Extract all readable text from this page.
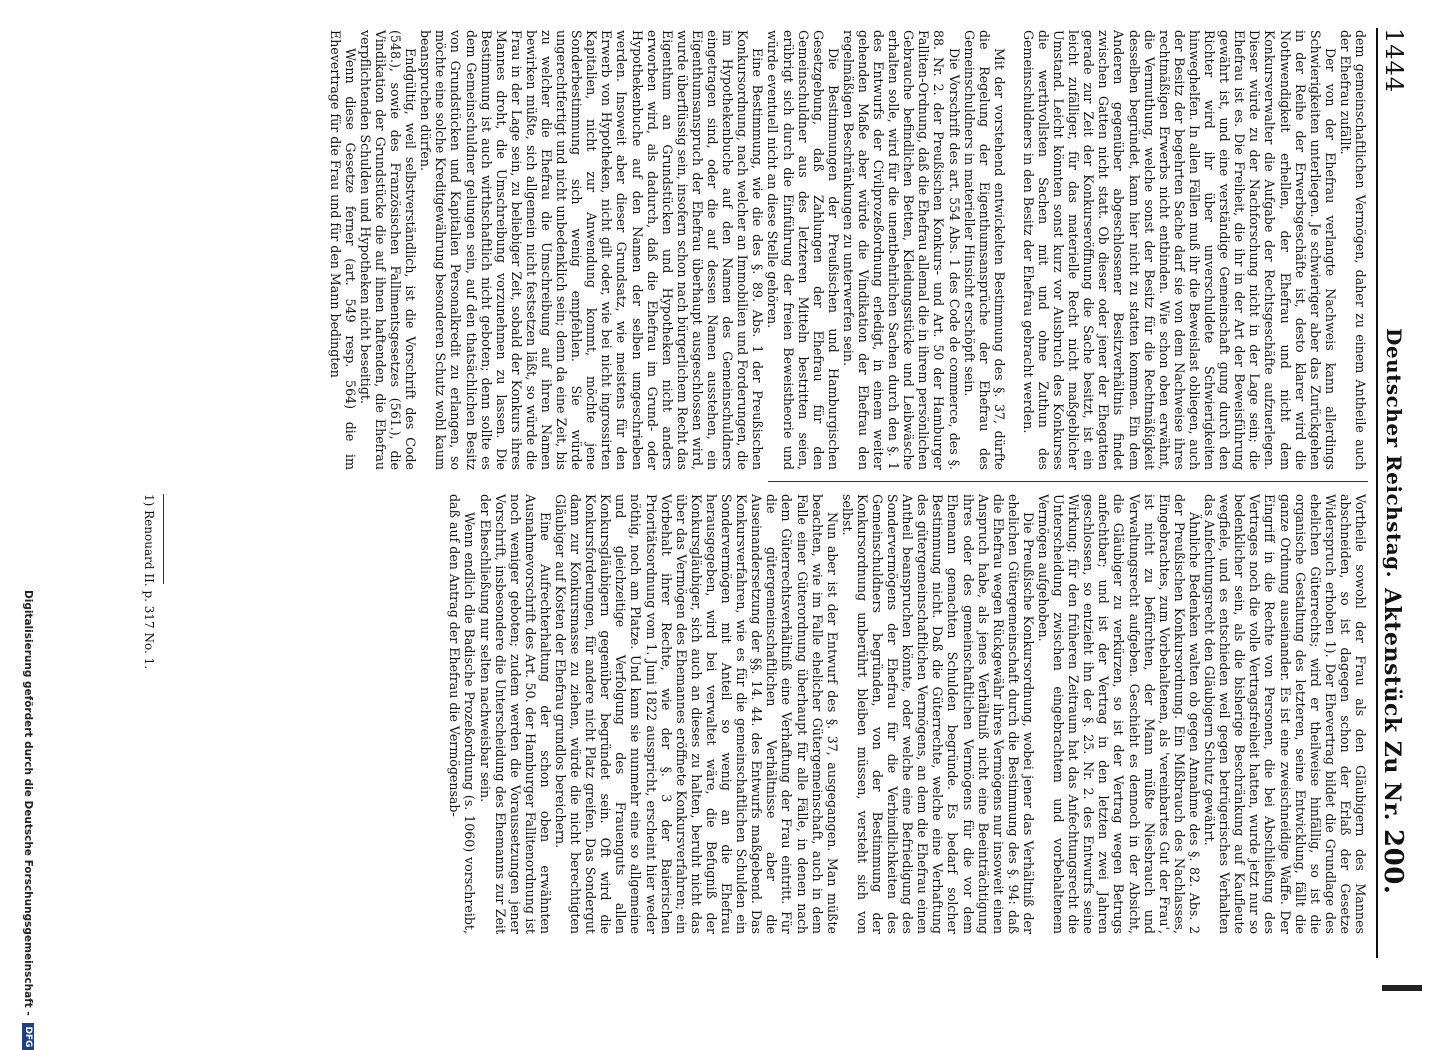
1444
Deutscher Reichstag.
Aktenstück Zu Nr. 200.

dem gemeinschaftlichen Vermögen, daher zu einem Antheile auch der Ehefrau zufällt.

Der von der Ehefrau verlangte Nachweis kann allerdings Schwierigkeiten unterliegen. Je schwieriger aber das Zurückgehen in der Reihe der Erwerbsgeschäfte ist, desto klarer wird die Nothwendigkeit erhellen, der Ehefrau und nicht dem Konkursverwalter die Aufgabe der Rechtsgeschäfte aufzuerlegen. Dieser würde zu der Nachforschung nicht in der Lage sein; die Ehefrau ist es. Die Freiheit, die ihr in der Art der Beweisführung gewährt ist, und eine verständige Gemeinschaft gung durch den Richter wird ihr über unverschuldete Schwierigkeiten hinweghelfen. In allen Fällen muß ihr die Beweislast obliegen, auch der Besitz der begehrten Sache darf sie von dem Nachweise ihres rechtmäßigen Erwerbs nicht entbinden. Wie schon oben erwähnt, die Vermuthung, welche sonst der Besitz für die Rechtmäßigkeit desselben begründet, kann hier nicht zu statten kommen. Ein dem Anderen gegenüber abgeschlossener Besitzverhältnis findet zwischen Gatten nicht statt. Ob dieser oder jener der Ehegatten gerade zur Zeit der Konkurseröffnung die Sache besitzt, ist ein leicht zufälliger, für das materielle Recht nicht maßgeblicher Umstand. Leicht könnten sonst kurz vor Ausbruch des Konkurses die werthvollsten Sachen mit und ohne Zuthun des Gemeinschuldners in den Besitz der Ehefrau gebracht werden.

Mit der vorstehend entwickelten Bestimmung des §. 37, dürfte die Regelung der Eigenthumsansprüche der Ehefrau des Gemeinschuldners in materieller Hinsicht erschöpft sein.

Die Vorschrift des art. 554 Abs. 1 des Code de commerce, des §. 88. Nr. 2. der Preußischen Konkurs- und Art. 50 der Hamburger Falliten-Ordnung, daß die Ehefrau allemal die in ihrem persönlichen Gebrauche befindlichen Betten, Kleidungsstücke und Leibwäsche erhalten solle, wird für die unentbehrlichen Sachen durch den §. 1 des Entwurfs der Civilprozeßordnung erledigt, in einem weiter gehenden Maße aber würde die Vindikation der Ehefrau den regelmäßigen Beschränkungen zu unterwerfen sein.

Die Bestimmungen der Preußischen und Hamburgischen Gesetzgebung, daß Zahlungen der Ehefrau für den Gemeinschuldner aus des letzteren Mitteln bestritten seien, erübrigt sich durch die Einführung der freien Beweistheorie und würde eventuell nicht an diese Stelle gehören.

Eine Bestimmung, wie die des §. 89. Abs. 1 der Preußischen Konkursordnung, nach welcher an Immobilien und Forderungen, die im Hypothekenbuche auf den Namen des Gemeinschuldners eingetragen sind, oder die auf dessen Namen ausstehen, ein Eigenthumsanspruch der Ehefrau überhaupt ausgeschlossen wird, wurde überflüssig sein, insofern schon nach bürgerlichem Recht das Eigenthum an Grundstücken und Hypotheken nicht anders erworben wird, als dadurch, daß die Ehefrau im Grund- oder Hypothekenbuche auf den Namen der selben umgeschrieben werden. Insoweit aber dieser Grundsatz, wie meistens für den Erwerb von Hypotheken, nicht gilt oder, wie bei nicht ingrossirten Kapitalien, nicht zur Anwendung kommt, möchte jene Sonderbestimmung sich wenig empfehlen. Sie würde ungerechtfertigt und nicht unbedenklich sein; denn da eine Zeit, bis zu welcher die Ehefrau die Umschreibung auf ihren Namen bewirken müßte, sich allgemein nicht festsetzen läßt, so würde die Frau in der Lage sein, zu beliebiger Zeit, sobald der Konkurs ihres Mannes droht, die Umschreibung vorzunehmen zu lassen. Die Bestimmung ist auch wirthschaftlich nicht geboten; denn sollte es dem Gemeinschuldner gelungen sein, auf den thatsächlichen Besitz von Grundstücken und Kapitalien Personalkredit zu erlangen, so möchte eine solche Kreditgewährung besonderen Schutz wohl kaum beanspruchen dürfen.

Endgültig, weil selbstverständlich, ist die Vorschrift des Code (548.), sowie des Französischen Fallimentsgesetzes (561.), die Vindikation der Grundstücke die auf ihnen haftenden, die Ehefrau verpflichtenden Schulden und Hypotheken nicht beseitigt.

Wenn diese Gesetze ferner (art. 549 resp. 564) die im Ehevertrage für die Frau und für den Mann bedingten

Vortheile sowohl der Frau als den Gläubigern des Mannes abschneiden, so ist dagegen schon der Erlaß der Gesetze Widerspruch erhoben 1). Der Ehevertrag bildet die Grundlage des ehelichen Güterrechts; wird er theilweise hinfällig, so ist die organische Gestaltung des letzteren, seine Entwicklung, fällt die ganze Ordnung auseinander. Es ist eine zweischneidige Waffe. Der Eingriff in die Rechte von Personen, die bei Abschließung des Vertrages noch die volle Vertragsfreiheit hatten, wurde jetzt nur so bedenklicher sein, als die bisherige Beschränkung auf Kaufleute wegfiele, und es entschieden weil gegen betrügerisches Verhalten das Anfechtungsrecht den Gläubigern Schutz gewährt.

Ähnliche Bedenken walten ob gegen Annahme des §. 82. Abs. 2 der Preußischen Konkursordnung. Ein Mißbrauch des Nachlasses, Eingebrachtes, zum Vorbehaltenen, als 'vereinbartes Gut der Frau', ist nicht zu befürchten, der Mann müßte Niesbrauch und Verwaltungsrecht aufgeben. Geschieht es dennoch in der Absicht, die Gläubiger zu verkürzen, so ist der Vertrag wegen Betrugs anfechtbar; und ist der Vertrag in den letzten zwei Jahren geschlossen, so entzieht ihn der §. 25. Nr. 2. des Entwurfs seine Wirkung; für den früheren Zeitraum hat das Anfechtungsrecht die Unterscheidung zwischen eingebrachtem und vorbehaltenem Vermögen aufgehoben.

Die Preußische Konkursordnung, wobei jener das Verhältniß der ehelichen Gütergemeinschaft durch die Bestimmung des §. 94: daß die Ehefrau wegen Rückgewähr ihres Vermögens nur insoweit einen Anspruch habe, als jenes Verhältniß nicht eine Beeinträchtigung ihres oder des gemeinschaftlichen Vermögens für die vor dem Ehemann gemachten Schulden begründe. Es bedarf solcher Bestimmung nicht. Daß die Güterrechte, welche eine Verhaftung des gütergemeinschaftlichen Vermögens, an dem die Ehefrau einen Antheil beanspruchen könnte, oder welche eine Befriedigung des Sondervermögens der Ehefrau für die Verbindlichkeiten des Gemeinschuldners begründen, von der Bestimmung der Konkursordnung unberührt bleiben müssen, versteht sich von selbst.

Nun aber ist der Entwurf des §. 37, ausgegangen. Man müßte beachten, wie im Falle ehelicher Gütergemeinschaft, auch in dem Falle einer Güterordnung überhaupt für alle Fälle, in denen nach dem Güterrechtsverhältniß eine Verhaftung der Frau eintritt. Für die gütergemeinschaftlichen Verhältnisse aber die Auseinandersetzung der §§. 14. 44. des Entwurfs maßgebend. Das Konkursverfahren, wie es für die gemeinschaftlichen Schulden ein Sondervermögen mit Anteil so wenig an die Ehefrau herausgegeben, wird bei verwaltet wäre, die Befugniß der Konkursgläubiger, sich auch an dieses zu halten, beruht nicht das über das Vermögen des Ehemannes eröffnete Konkursverfahren; ein Vorbehalt ihrer Rechte, wie der §. 3 der Baierischen Prioritätsordnung vom 1. Juni 1822 ausspricht, erscheint hier weder nöthig, noch am Platze. Und kann sie nunmehr eine so allgemeine und gleichzeitige Verfolgung des Frauenguts allen Konkursgläubigern gegenüber begründet sein. Oft wird die Konkursforderungen, für andere nicht Platz greifen. Das Sondergut dann zur Konkursmasse zu ziehen, würde die nicht berechtigten Gläubiger auf Kosten der Ehefrau grundlos bereichern.

Eine Aufrechterhaltung der schon oben erwähnten Ausnahmevorschrift des Art. 50. der Hamburger Fallitenordnung ist noch weniger geboten; zudem werden die Voraussetzungen jener Vorschrift, insbesondere die Unterscheidung des Ehemanns zur Zeit der Eheschließung nur selten nachweisbar sein.

Wenn endlich die Badische Prozeßordnung (s. 1060) vorschreibt, daß auf den Antrag der Ehefrau die Vermögensab-

1) Renouard II. p. 317 No. 1.
Digitalisierung gefördert durch die Deutsche Forschungsgemeinschaft - DFG
